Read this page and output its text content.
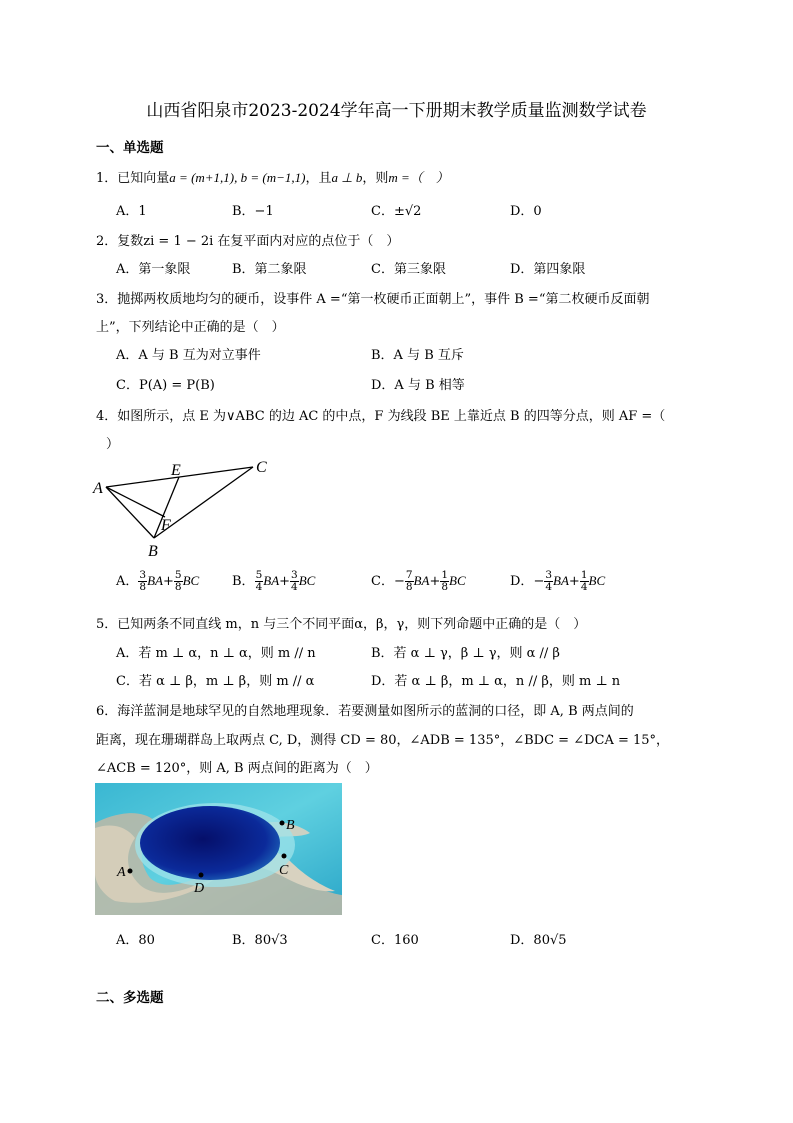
山西省阳泉市2023-2024学年高一下册期末教学质量监测数学试卷
一、单选题
1．已知向量a = (m+1,1), b = (m−1,1)，且a ⊥ b，则m =（　）
A．1	B．−1	C．±√2	D．0
2．复数zi = 1 − 2i 在复平面内对应的点位于（　）
A．第一象限	B．第二象限	C．第三象限	D．第四象限
3．抛掷两枚质地均匀的硬币，设事件 A =“第一枚硬币正面朝上”，事件 B =“第二枚硬币反面朝
上”，下列结论中正确的是（　）
A．A 与 B 互为对立事件	B．A 与 B 互斥
C．P(A) = P(B)	D．A 与 B 相等
4．如图所示，点 E 为∨ABC 的边 AC 的中点，F 为线段 BE 上靠近点 B 的四等分点，则 AF =（
）
A
E	C
F
B
A． $\frac{3}{8} BA+ \frac{5}{8}$ BC	B． $\frac{5}{4} BA+ \frac{3}{4}$ BC	C．− $\frac{7}{8} BA+ \frac{1}{8}$ BC	D．− $\frac{3}{4} BA+ \frac{1}{4}$ BC
5．已知两条不同直线 m，n 与三个不同平面α，β，γ，则下列命题中正确的是（　）
A．若 m ⊥ α，n ⊥ α，则 m // n	B．若 α ⊥ γ，β ⊥ γ，则 α // β
C．若 α ⊥ β，m ⊥ β，则 m // α	D．若 α ⊥ β，m ⊥ α，n // β，则 m ⊥ n
6．海洋蓝洞是地球罕见的自然地理现象．若要测量如图所示的蓝洞的口径，即 A, B 两点间的
距离，现在珊瑚群岛上取两点 C, D，测得 CD = 80，∠ADB = 135°，∠BDC = ∠DCA = 15°，
∠ACB = 120°，则 A, B 两点间的距离为（　）
A
B
C
D
A．80	B．80√3	C．160	D．80√5
二、多选题
